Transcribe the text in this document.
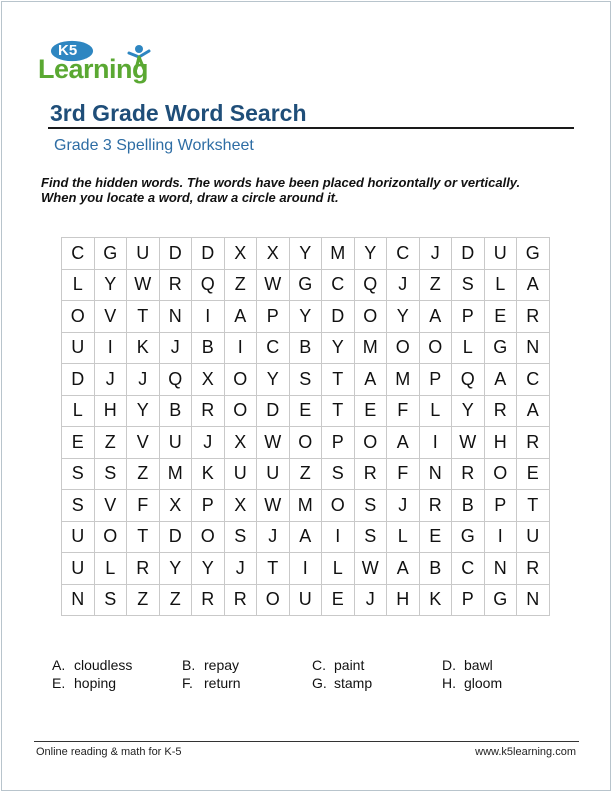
K5
Learning
3rd Grade Word Search
Grade 3 Spelling Worksheet
Find the hidden words. The words have been placed horizontally or vertically. When you locate a word, draw a circle around it.
C	G	U	D	D	X	X	Y	M	Y	C	J	D	U	G
L	Y	W	R	Q	Z	W	G	C	Q	J	Z	S	L	A
O	V	T	N	I	A	P	Y	D	O	Y	A	P	E	R
U	I	K	J	B	I	C	B	Y	M	O	O	L	G	N
D	J	J	Q	X	O	Y	S	T	A	M	P	Q	A	C
L	H	Y	B	R	O	D	E	T	E	F	L	Y	R	A
E	Z	V	U	J	X	W	O	P	O	A	I	W	H	R
S	S	Z	M	K	U	U	Z	S	R	F	N	R	O	E
S	V	F	X	P	X	W	M	O	S	J	R	B	P	T
U	O	T	D	O	S	J	A	I	S	L	E	G	I	U
U	L	R	Y	Y	J	T	I	L	W	A	B	C	N	R
N	S	Z	Z	R	R	O	U	E	J	H	K	P	G	N
A. cloudless	B. repay	C. paint	D. bawl
E. hoping	F. return	G. stamp	H. gloom
Online reading & math for K-5	www.k5learning.com
